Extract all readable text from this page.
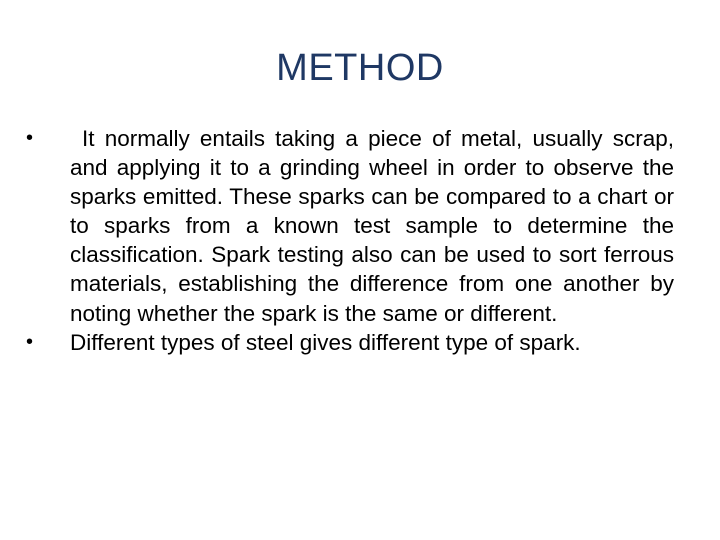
METHOD
•	It normally entails taking a piece of metal, usually scrap, and applying it to a grinding wheel in order to observe the sparks emitted. These sparks can be compared to a chart or to sparks from a known test sample to determine the classification. Spark testing also can be used to sort ferrous materials, establishing the difference from one another by noting whether the spark is the same or different.
•	Different types of steel gives different type of spark.
